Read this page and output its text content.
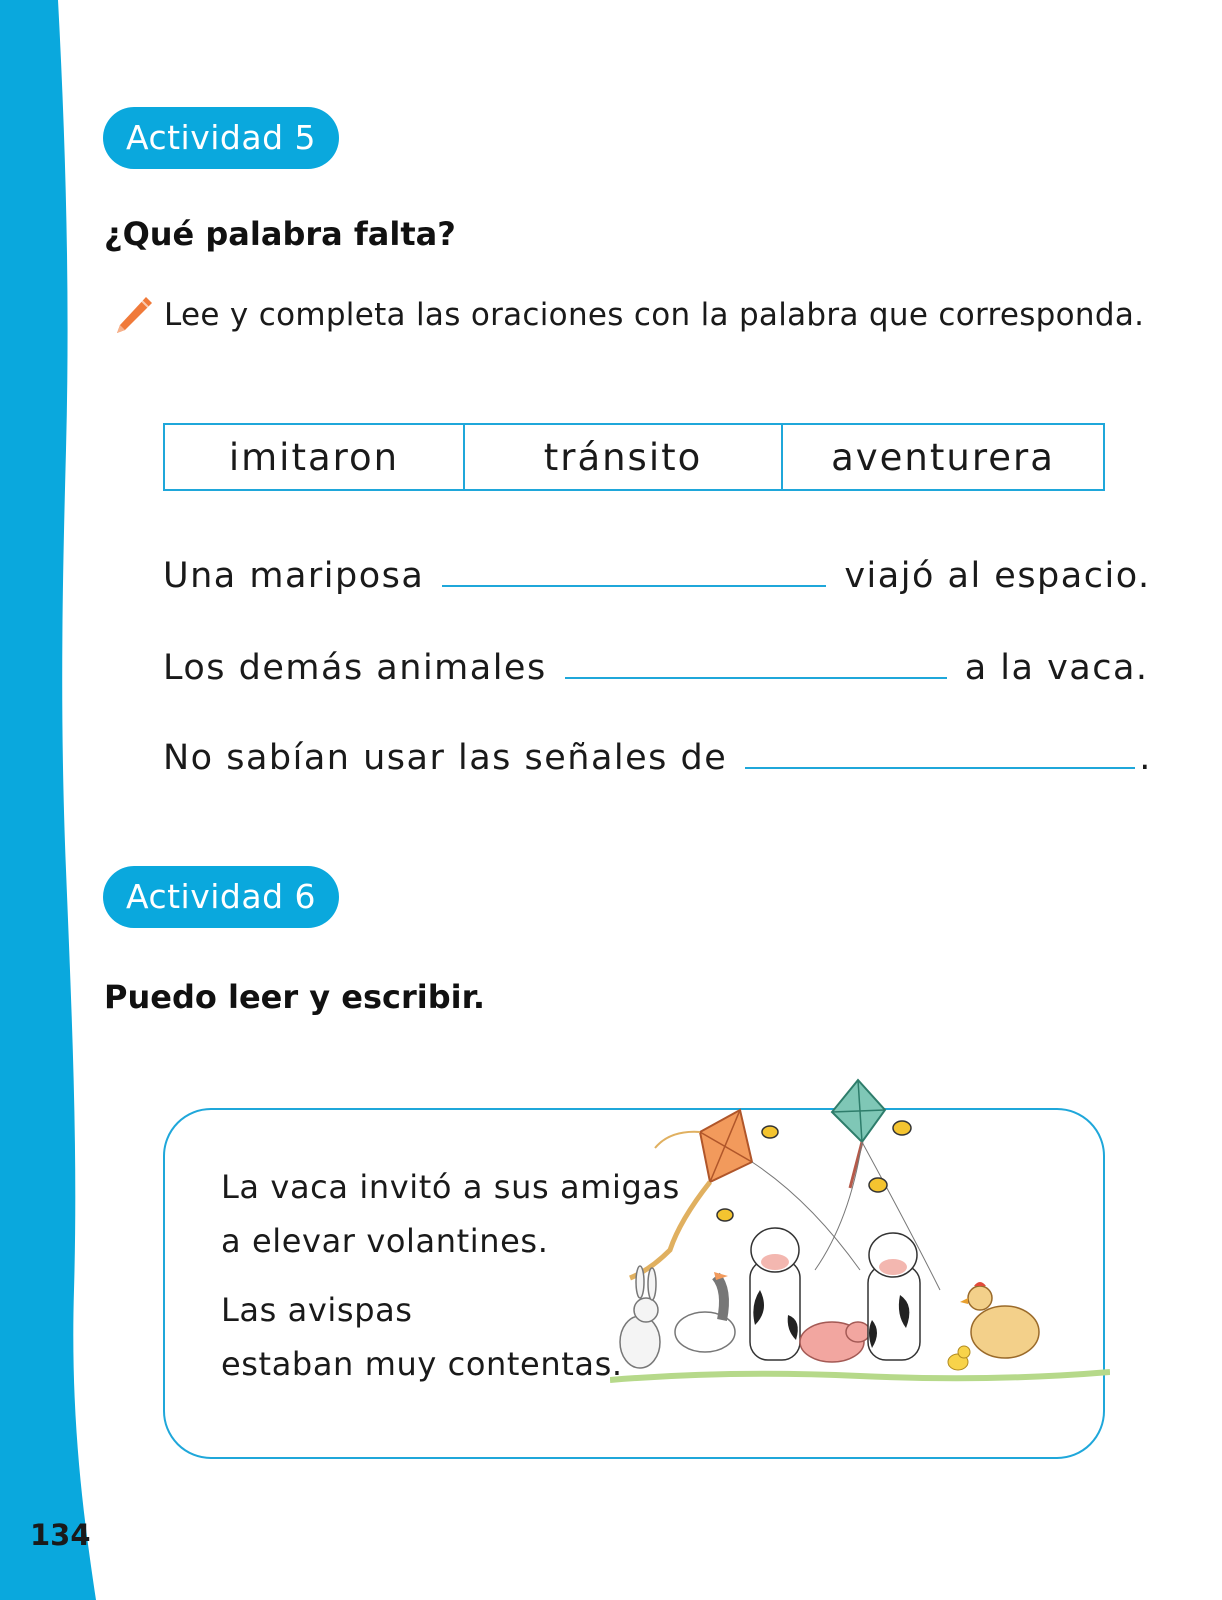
134
Actividad 5
¿Qué palabra falta?
Lee y completa las oraciones con la palabra que corresponda.
imitaron	tránsito	aventurera
Una mariposa	viajó al espacio.
Los demás animales	a la vaca.
No sabían usar las señales de	.
Actividad 6
Puedo leer y escribir.
La vaca invitó a sus amigas
a elevar volantines.
Las avispas
estaban muy contentas.
